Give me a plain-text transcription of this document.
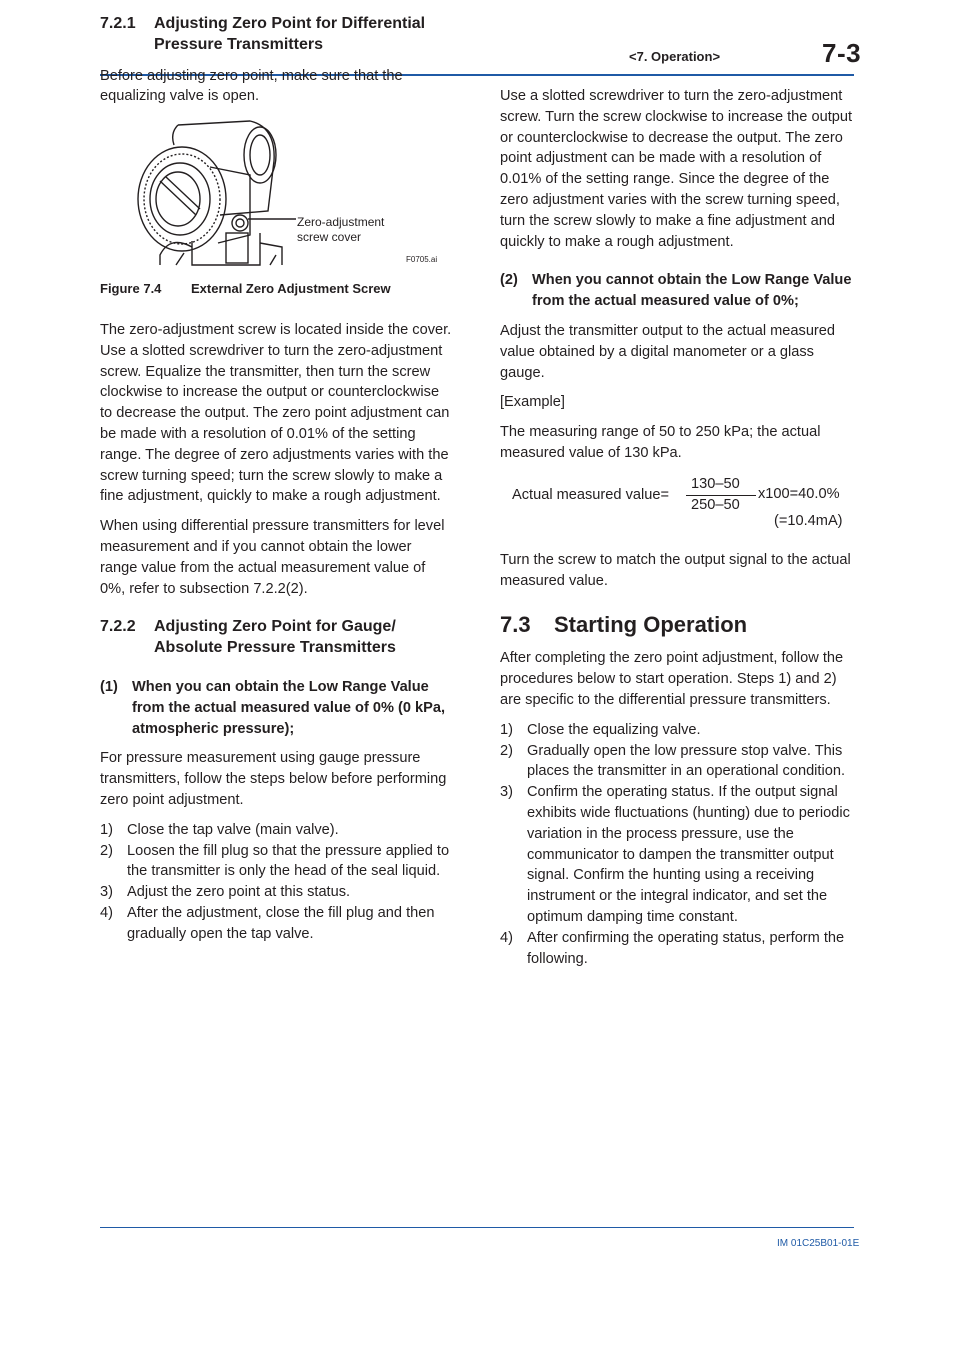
<7. Operation>	7-3
7.2.1	Adjusting Zero Point for Differential Pressure Transmitters

Before adjusting zero point, make sure that the equalizing valve is open.

Zero-adjustment screw cover
F0705.ai
Figure 7.4	External Zero Adjustment Screw

The zero-adjustment screw is located inside the cover.

Use a slotted screwdriver to turn the zero-adjustment screw. Equalize the transmitter, then turn the screw clockwise to increase the output or counterclockwise to decrease the output. The zero point adjustment can be made with a resolution of 0.01% of the setting range. The degree of zero adjustments varies with the screw turning speed; turn the screw slowly to make a fine adjustment, quickly to make a rough adjustment.

When using differential pressure transmitters for level measurement and if you cannot obtain the lower range value from the actual measurement value of 0%, refer to subsection 7.2.2(2).

7.2.2	Adjusting Zero Point for Gauge/ Absolute Pressure Transmitters
(1) When you can obtain the Low Range Value from the actual measured value of 0% (0 kPa, atmospheric pressure);

For pressure measurement using gauge pressure transmitters, follow the steps below before performing zero point adjustment.

1) Close the tap valve (main valve).
2) Loosen the fill plug so that the pressure applied to the transmitter is only the head of the seal liquid.
3) Adjust the zero point at this status.
4) After the adjustment, close the fill plug and then gradually open the tap valve.

Use a slotted screwdriver to turn the zero-adjustment screw. Turn the screw clockwise to increase the output or counterclockwise to decrease the output. The zero point adjustment can be made with a resolution of 0.01% of the setting range. Since the degree of the zero adjustment varies with the screw turning speed, turn the screw slowly to make a fine adjustment and quickly to make a rough adjustment.

(2) When you cannot obtain the Low Range Value from the actual measured value of 0%;

Adjust the transmitter output to the actual measured value obtained by a digital manometer or a glass gauge.

[Example]

The measuring range of 50 to 250 kPa; the actual measured value of 130 kPa.

Actual measured value=
130–50
250–50
x100=40.0%
(=10.4mA)

Turn the screw to match the output signal to the actual measured value.

7.3	Starting Operation

After completing the zero point adjustment, follow the procedures below to start operation. Steps 1) and 2) are specific to the differential pressure transmitters.

1) Close the equalizing valve.
2) Gradually open the low pressure stop valve. This places the transmitter in an operational condition.
3) Confirm the operating status. If the output signal exhibits wide fluctuations (hunting) due to periodic variation in the process pressure, use the communicator to dampen the transmitter output signal. Confirm the hunting using a receiving instrument or the integral indicator, and set the optimum damping time constant.
4) After confirming the operating status, perform the following.
IM 01C25B01-01E
